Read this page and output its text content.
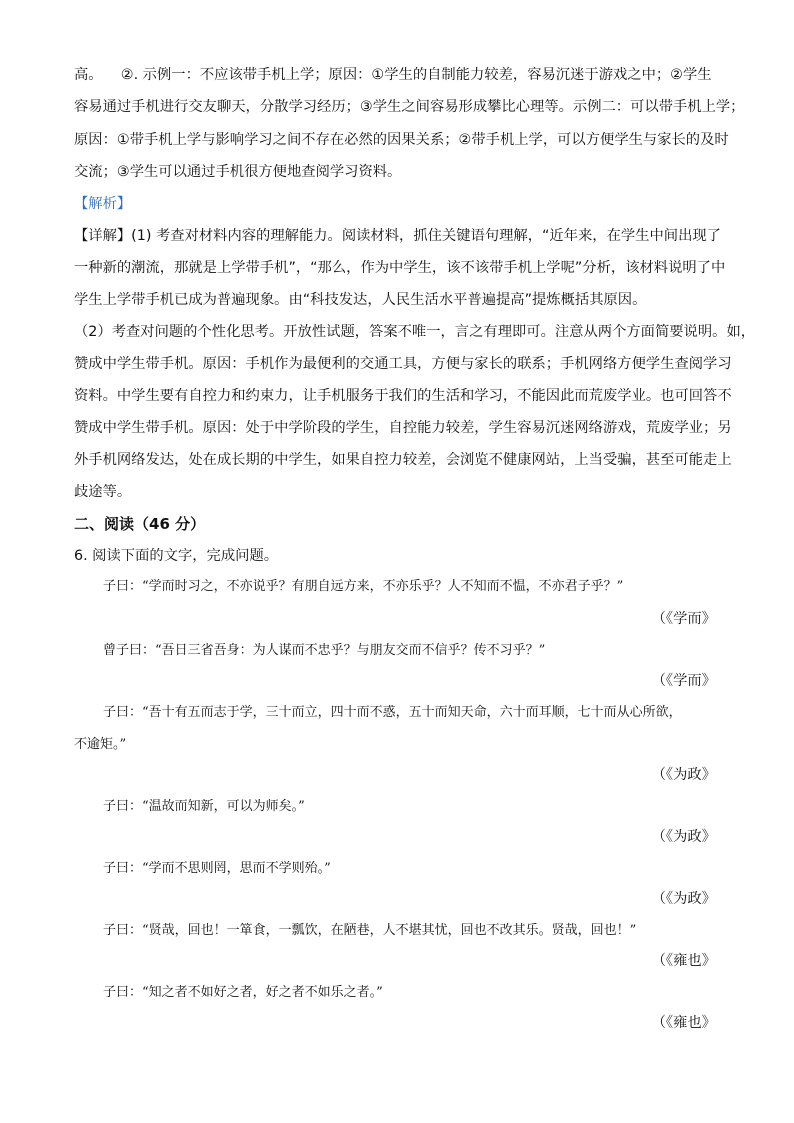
高。    ②. 示例一：不应该带手机上学；原因：①学生的自制能力较差，容易沉迷于游戏之中；②学生
容易通过手机进行交友聊天，分散学习经历；③学生之间容易形成攀比心理等。示例二：可以带手机上学；
原因：①带手机上学与影响学习之间不存在必然的因果关系；②带手机上学，可以方便学生与家长的及时
交流；③学生可以通过手机很方便地查阅学习资料。
【解析】
【详解】(1) 考查对材料内容的理解能力。阅读材料，抓住关键语句理解，“近年来，在学生中间出现了
一种新的潮流，那就是上学带手机”，“那么，作为中学生，该不该带手机上学呢”分析，该材料说明了中
学生上学带手机已成为普遍现象。由“科技发达，人民生活水平普遍提高”提炼概括其原因。
（2）考查对问题的个性化思考。开放性试题，答案不唯一，言之有理即可。注意从两个方面简要说明。如，
赞成中学生带手机。原因：手机作为最便利的交通工具，方便与家长的联系；手机网络方便学生查阅学习
资料。中学生要有自控力和约束力，让手机服务于我们的生活和学习，不能因此而荒废学业。也可回答不
赞成中学生带手机。原因：处于中学阶段的学生，自控能力较差，学生容易沉迷网络游戏，荒废学业；另
外手机网络发达，处在成长期的中学生，如果自控力较差，会浏览不健康网站，上当受骗，甚至可能走上
歧途等。
二、阅读（46 分）
6. 阅读下面的文字，完成问题。
子曰：“学而时习之，不亦说乎？有朋自远方来，不亦乐乎？人不知而不愠，不亦君子乎？”
（《学而》
曾子曰：“吾日三省吾身：为人谋而不忠乎？与朋友交而不信乎？传不习乎？”
（《学而》
子曰：“吾十有五而志于学，三十而立，四十而不惑，五十而知天命，六十而耳顺，七十而从心所欲，
不逾矩。”
（《为政》
子曰：“温故而知新，可以为师矣。”
（《为政》
子曰：“学而不思则罔，思而不学则殆。”
（《为政》
子曰：“贤哉，回也！一箪食，一瓢饮，在陋巷，人不堪其忧，回也不改其乐。贤哉，回也！”
（《雍也》
子曰：“知之者不如好之者，好之者不如乐之者。”
（《雍也》
